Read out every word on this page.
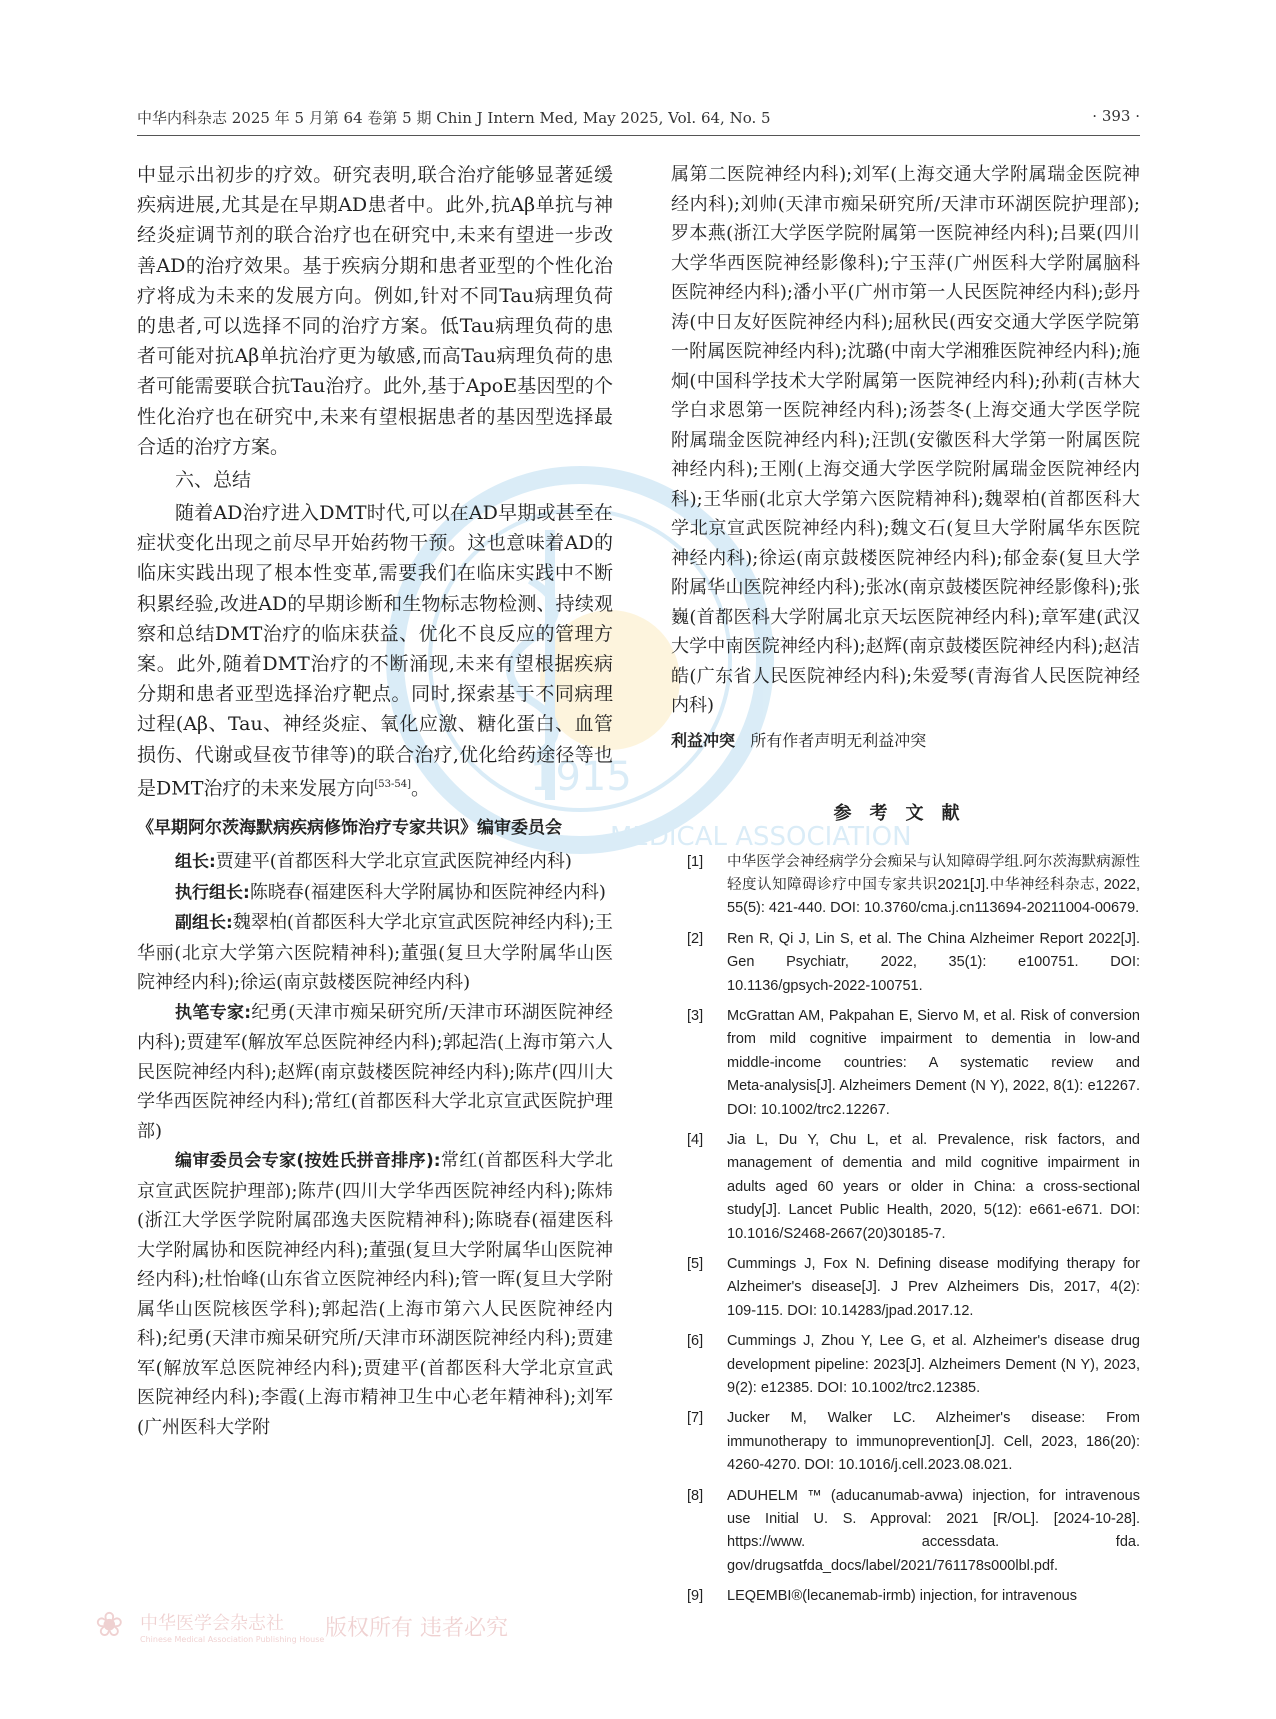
中华内科杂志 2025 年 5 月第 64 卷第 5 期 Chin J Intern Med, May 2025, Vol. 64, No. 5	· 393 ·
1915
MEDICAL ASSOCIATION

中显示出初步的疗效。研究表明,联合治疗能够显著延缓疾病进展,尤其是在早期AD患者中。此外,抗Aβ单抗与神经炎症调节剂的联合治疗也在研究中,未来有望进一步改善AD的治疗效果。基于疾病分期和患者亚型的个性化治疗将成为未来的发展方向。例如,针对不同Tau病理负荷的患者,可以选择不同的治疗方案。低Tau病理负荷的患者可能对抗Aβ单抗治疗更为敏感,而高Tau病理负荷的患者可能需要联合抗Tau治疗。此外,基于ApoE基因型的个性化治疗也在研究中,未来有望根据患者的基因型选择最合适的治疗方案。

六、总结

随着AD治疗进入DMT时代,可以在AD早期或甚至在症状变化出现之前尽早开始药物干预。这也意味着AD的临床实践出现了根本性变革,需要我们在临床实践中不断积累经验,改进AD的早期诊断和生物标志物检测、持续观察和总结DMT治疗的临床获益、优化不良反应的管理方案。此外,随着DMT治疗的不断涌现,未来有望根据疾病分期和患者亚型选择治疗靶点。同时,探索基于不同病理过程(Aβ、Tau、神经炎症、氧化应激、糖化蛋白、血管损伤、代谢或昼夜节律等)的联合治疗,优化给药途径等也是DMT治疗的未来发展方向[53‑54]。

《早期阿尔茨海默病疾病修饰治疗专家共识》编审委员会

组长:贾建平(首都医科大学北京宣武医院神经内科)

执行组长:陈晓春(福建医科大学附属协和医院神经内科)

副组长:魏翠柏(首都医科大学北京宣武医院神经内科);王华丽(北京大学第六医院精神科);董强(复旦大学附属华山医院神经内科);徐运(南京鼓楼医院神经内科)

执笔专家:纪勇(天津市痴呆研究所/天津市环湖医院神经内科);贾建军(解放军总医院神经内科);郭起浩(上海市第六人民医院神经内科);赵辉(南京鼓楼医院神经内科);陈芹(四川大学华西医院神经内科);常红(首都医科大学北京宣武医院护理部)

编审委员会专家(按姓氏拼音排序):常红(首都医科大学北京宣武医院护理部);陈芹(四川大学华西医院神经内科);陈炜(浙江大学医学院附属邵逸夫医院精神科);陈晓春(福建医科大学附属协和医院神经内科);董强(复旦大学附属华山医院神经内科);杜怡峰(山东省立医院神经内科);管一晖(复旦大学附属华山医院核医学科);郭起浩(上海市第六人民医院神经内科);纪勇(天津市痴呆研究所/天津市环湖医院神经内科);贾建军(解放军总医院神经内科);贾建平(首都医科大学北京宣武医院神经内科);李霞(上海市精神卫生中心老年精神科);刘军(广州医科大学附

属第二医院神经内科);刘军(上海交通大学附属瑞金医院神经内科);刘帅(天津市痴呆研究所/天津市环湖医院护理部);罗本燕(浙江大学医学院附属第一医院神经内科);吕粟(四川大学华西医院神经影像科);宁玉萍(广州医科大学附属脑科医院神经内科);潘小平(广州市第一人民医院神经内科);彭丹涛(中日友好医院神经内科);屈秋民(西安交通大学医学院第一附属医院神经内科);沈璐(中南大学湘雅医院神经内科);施炯(中国科学技术大学附属第一医院神经内科);孙莉(吉林大学白求恩第一医院神经内科);汤荟冬(上海交通大学医学院附属瑞金医院神经内科);汪凯(安徽医科大学第一附属医院神经内科);王刚(上海交通大学医学院附属瑞金医院神经内科);王华丽(北京大学第六医院精神科);魏翠柏(首都医科大学北京宣武医院神经内科);魏文石(复旦大学附属华东医院神经内科);徐运(南京鼓楼医院神经内科);郁金泰(复旦大学附属华山医院神经内科);张冰(南京鼓楼医院神经影像科);张巍(首都医科大学附属北京天坛医院神经内科);章军建(武汉大学中南医院神经内科);赵辉(南京鼓楼医院神经内科);赵洁皓(广东省人民医院神经内科);朱爱琴(青海省人民医院神经内科)

利益冲突 所有作者声明无利益冲突

参考文献

[1] 中华医学会神经病学分会痴呆与认知障碍学组.阿尔茨海默病源性轻度认知障碍诊疗中国专家共识2021[J].中华神经科杂志, 2022, 55(5): 421‑440. DOI: 10.3760/cma.j.cn113694‑20211004‑00679.

[2] Ren R, Qi J, Lin S, et al. The China Alzheimer Report 2022[J]. Gen Psychiatr, 2022, 35(1): e100751. DOI: 10.1136/gpsych‑2022‑100751.

[3] McGrattan AM, Pakpahan E, Siervo M, et al. Risk of conversion from mild cognitive impairment to dementia in low‑and middle‑income countries: A systematic review and Meta‑analysis[J]. Alzheimers Dement (N Y), 2022, 8(1): e12267. DOI: 10.1002/trc2.12267.

[4] Jia L, Du Y, Chu L, et al. Prevalence, risk factors, and management of dementia and mild cognitive impairment in adults aged 60 years or older in China: a cross‑sectional study[J]. Lancet Public Health, 2020, 5(12): e661‑e671. DOI: 10.1016/S2468‑2667(20)30185‑7.

[5] Cummings J, Fox N. Defining disease modifying therapy for Alzheimer's disease[J]. J Prev Alzheimers Dis, 2017, 4(2): 109‑115. DOI: 10.14283/jpad.2017.12.

[6] Cummings J, Zhou Y, Lee G, et al. Alzheimer's disease drug development pipeline: 2023[J]. Alzheimers Dement (N Y), 2023, 9(2): e12385. DOI: 10.1002/trc2.12385.

[7] Jucker M, Walker LC. Alzheimer's disease: From immunotherapy to immunoprevention[J]. Cell, 2023, 186(20): 4260‑4270. DOI: 10.1016/j.cell.2023.08.021.

[8] ADUHELM ™ (aducanumab‑avwa) injection, for intravenous use Initial U. S. Approval: 2021 [R/OL]. [2024‑10‑28]. https://www. accessdata. fda. gov/drugsatfda_docs/label/2021/761178s000lbl.pdf.

[9] LEQEMBI®(lecanemab‑irmb) injection, for intravenous

❀ 中华医学会杂志社
Chinese Medical Association Publishing House 版权所有 违者必究
